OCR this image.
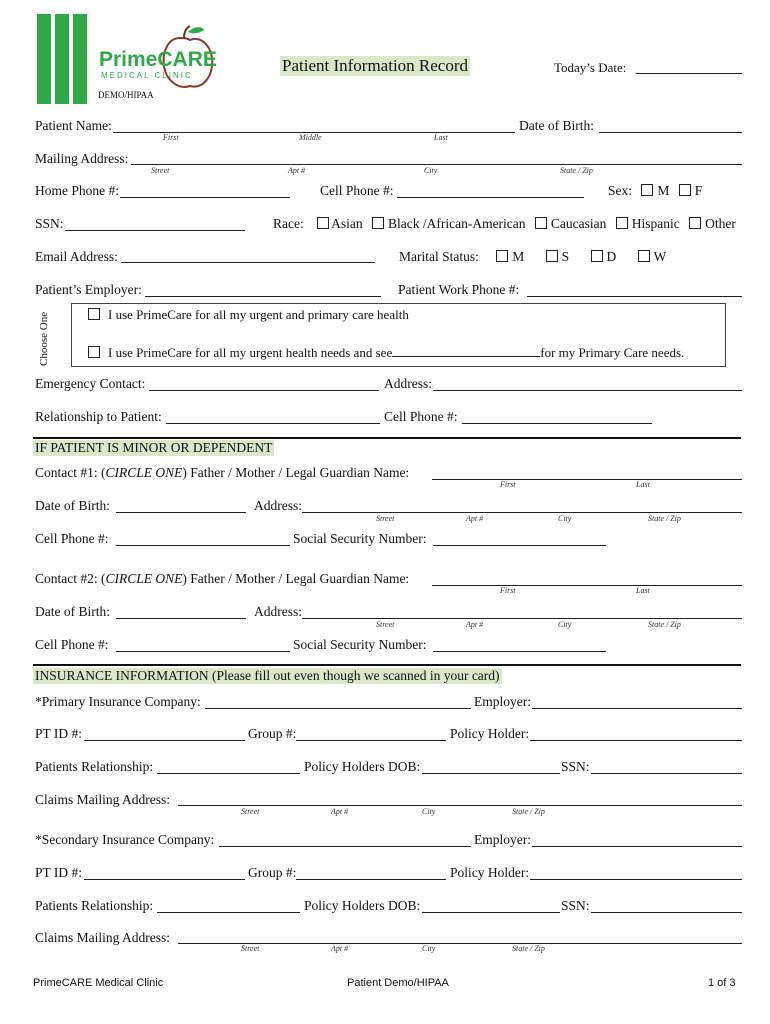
PrimeCARE
MEDICAL CLINIC
DEMO/HIPAA
Patient Information Record	Today’s Date:
Patient Name:
First	Middle	Last
Date of Birth:
Mailing Address:
Street	Apt #	City	State / Zip
Home Phone #:	Cell Phone #:	Sex: M F
SSN:	Race: Asian Black /African-American Caucasian Hispanic Other
Email Address:	Marital Status: M	S	D	W
Patient’s Employer:	Patient Work Phone #:
Choose One	I use PrimeCare for all my urgent and primary care health
I use PrimeCare for all my urgent health needs and see	for my Primary Care needs.
Emergency Contact:	Address:
Relationship to Patient:	Cell Phone #:
IF PATIENT IS MINOR OR DEPENDENT
Contact #1: (CIRCLE ONE) Father / Mother / Legal Guardian Name:
First	Last
Date of Birth:	Address:
Street	Apt #	City	State / Zip
Cell Phone #:	Social Security Number:
Contact #2: (CIRCLE ONE) Father / Mother / Legal Guardian Name:
First	Last
Date of Birth:	Address:
Street	Apt #	City	State / Zip
Cell Phone #:	Social Security Number:
INSURANCE INFORMATION (Please fill out even though we scanned in your card)
*Primary Insurance Company:	Employer:
PT ID #:	Group #:	Policy Holder:
Patients Relationship:	Policy Holders DOB:	SSN:
Claims Mailing Address:
Street	Apt #	City	State / Zip
*Secondary Insurance Company:	Employer:
PT ID #:	Group #:	Policy Holder:
Patients Relationship:	Policy Holders DOB:	SSN:
Claims Mailing Address:
Street	Apt #	City	State / Zip
PrimeCARE Medical Clinic	Patient Demo/HIPAA	1 of 3
